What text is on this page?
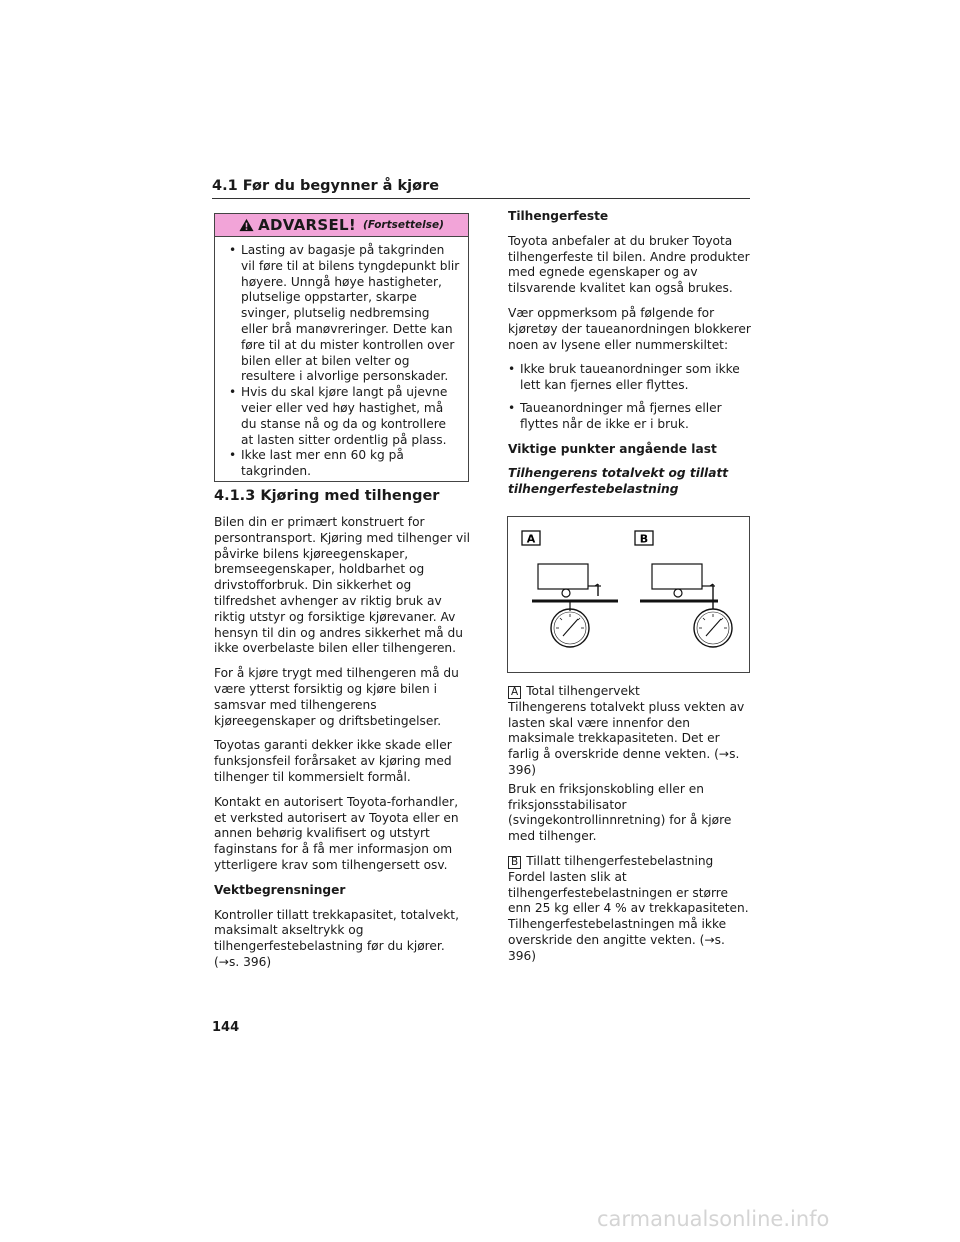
4.1 Før du begynner å kjøre
ADVARSEL! (Fortsettelse)
• Lasting av bagasje på takgrinden vil føre til at bilens tyngdepunkt blir høyere. Unngå høye hastigheter, plutselige oppstarter, skarpe svinger, plutselig nedbremsing eller brå manøvreringer. Dette kan føre til at du mister kontrollen over bilen eller at bilen velter og resultere i alvorlige personskader.
• Hvis du skal kjøre langt på ujevne veier eller ved høy hastighet, må du stanse nå og da og kontrollere at lasten sitter ordentlig på plass.
• Ikke last mer enn 60 kg på takgrinden.
4.1.3 Kjøring med tilhenger

Bilen din er primært konstruert for persontransport. Kjøring med tilhenger vil påvirke bilens kjøreegenskaper, bremseegenskaper, holdbarhet og drivstofforbruk. Din sikkerhet og tilfredshet avhenger av riktig bruk av riktig utstyr og forsiktige kjørevaner. Av hensyn til din og andres sikkerhet må du ikke overbelaste bilen eller tilhengeren.

For å kjøre trygt med tilhengeren må du være ytterst forsiktig og kjøre bilen i samsvar med tilhengerens kjøreegenskaper og driftsbetingelser.

Toyotas garanti dekker ikke skade eller funksjonsfeil forårsaket av kjøring med tilhenger til kommersielt formål.

Kontakt en autorisert Toyota-forhandler, et verksted autorisert av Toyota eller en annen behørig kvalifisert og utstyrt faginstans for å få mer informasjon om ytterligere krav som tilhengersett osv.

Vektbegrensninger

Kontroller tillatt trekkapasitet, totalvekt, maksimalt akseltrykk og tilhengerfestebelastning før du kjører. (→s. 396)

Tilhengerfeste

Toyota anbefaler at du bruker Toyota tilhengerfeste til bilen. Andre produkter med egnede egenskaper og av tilsvarende kvalitet kan også brukes.

Vær oppmerksom på følgende for kjøretøy der taueanordningen blokkerer noen av lysene eller nummerskiltet:

• Ikke bruk taueanordninger som ikke lett kan fjernes eller flyttes.
• Taueanordninger må fjernes eller flyttes når de ikke er i bruk.

Viktige punkter angående last

Tilhengerens totalvekt og tillatt tilhengerfestebelastning

A	B

A Total tilhengervekt
Tilhengerens totalvekt pluss vekten av lasten skal være innenfor den maksimale trekkapasiteten. Det er farlig å overskride denne vekten. (→s. 396)

Bruk en friksjonskobling eller en friksjonsstabilisator (svingekontrollinnretning) for å kjøre med tilhenger.

B Tillatt tilhengerfestebelastning
Fordel lasten slik at tilhengerfestebelastningen er større enn 25 kg eller 4 % av trekkapasiteten. Tilhengerfestebelastningen må ikke overskride den angitte vekten. (→s. 396)

144
carmanualsonline.info
